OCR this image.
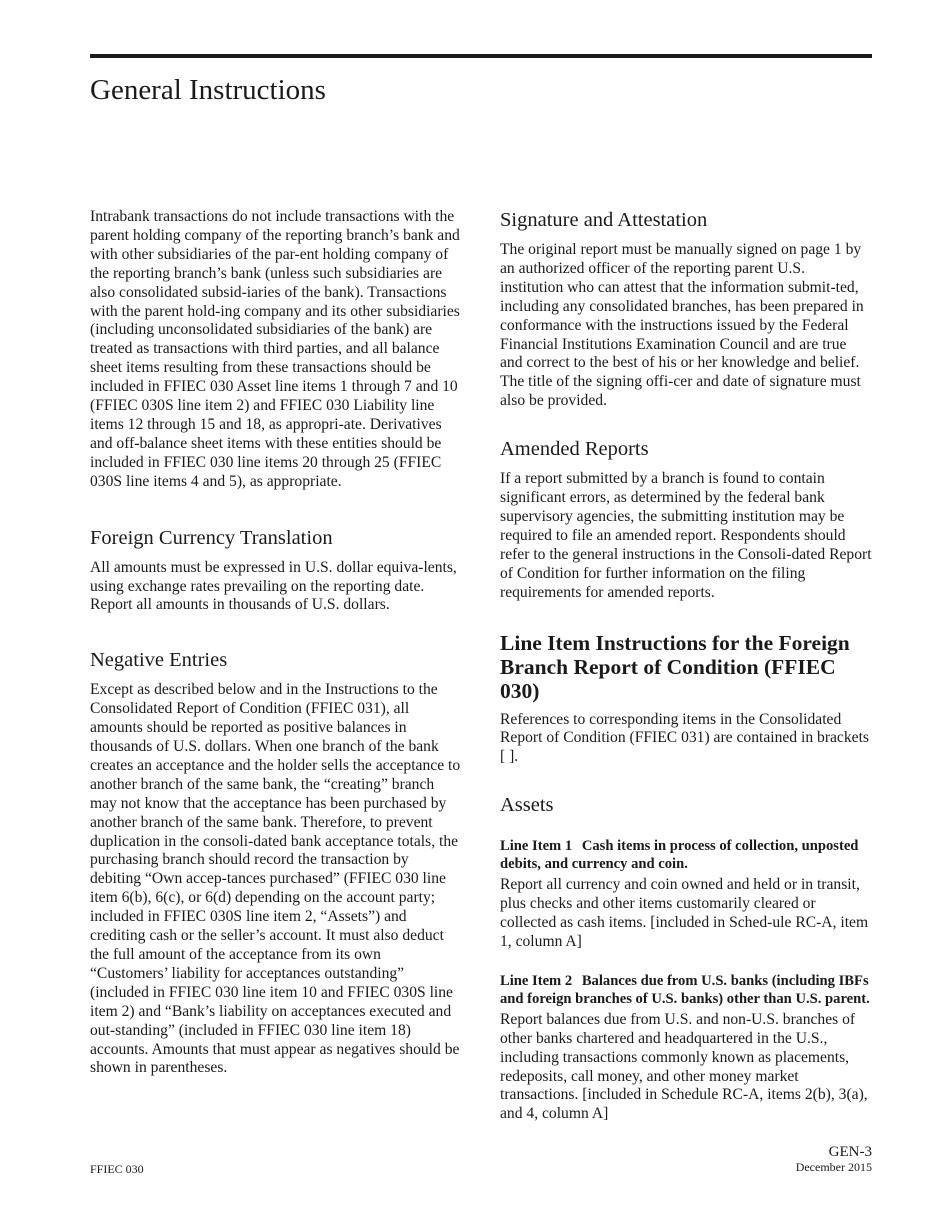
General Instructions

Intrabank transactions do not include transactions with the parent holding company of the reporting branch’s bank and with other subsidiaries of the par-ent holding company of the reporting branch’s bank (unless such subsidiaries are also consolidated subsid-iaries of the bank). Transactions with the parent hold-ing company and its other subsidiaries (including unconsolidated subsidiaries of the bank) are treated as transactions with third parties, and all balance sheet items resulting from these transactions should be included in FFIEC 030 Asset line items 1 through 7 and 10 (FFIEC 030S line item 2) and FFIEC 030 Liability line items 12 through 15 and 18, as appropri-ate. Derivatives and off-balance sheet items with these entities should be included in FFIEC 030 line items 20 through 25 (FFIEC 030S line items 4 and 5), as appropriate.

Foreign Currency Translation

All amounts must be expressed in U.S. dollar equiva-lents, using exchange rates prevailing on the reporting date. Report all amounts in thousands of U.S. dollars.

Negative Entries

Except as described below and in the Instructions to the Consolidated Report of Condition (FFIEC 031), all amounts should be reported as positive balances in thousands of U.S. dollars. When one branch of the bank creates an acceptance and the holder sells the acceptance to another branch of the same bank, the “creating” branch may not know that the acceptance has been purchased by another branch of the same bank. Therefore, to prevent duplication in the consoli-dated bank acceptance totals, the purchasing branch should record the transaction by debiting “Own accep-tances purchased” (FFIEC 030 line item 6(b), 6(c), or 6(d) depending on the account party; included in FFIEC 030S line item 2, “Assets”) and crediting cash or the seller’s account. It must also deduct the full amount of the acceptance from its own “Customers’ liability for acceptances outstanding” (included in FFIEC 030 line item 10 and FFIEC 030S line item 2) and “Bank’s liability on acceptances executed and out-standing” (included in FFIEC 030 line item 18) accounts. Amounts that must appear as negatives should be shown in parentheses.

Signature and Attestation

The original report must be manually signed on page 1 by an authorized officer of the reporting parent U.S. institution who can attest that the information submit-ted, including any consolidated branches, has been prepared in conformance with the instructions issued by the Federal Financial Institutions Examination Council and are true and correct to the best of his or her knowledge and belief. The title of the signing offi-cer and date of signature must also be provided.

Amended Reports

If a report submitted by a branch is found to contain significant errors, as determined by the federal bank supervisory agencies, the submitting institution may be required to file an amended report. Respondents should refer to the general instructions in the Consoli-dated Report of Condition for further information on the filing requirements for amended reports.

Line Item Instructions for the Foreign Branch Report of Condition (FFIEC 030)

References to corresponding items in the Consolidated Report of Condition (FFIEC 031) are contained in brackets [ ].

Assets
Line Item 1 Cash items in process of collection, unposted debits, and currency and coin.

Report all currency and coin owned and held or in transit, plus checks and other items customarily cleared or collected as cash items. [included in Sched-ule RC-A, item 1, column A]

Line Item 2 Balances due from U.S. banks (including IBFs and foreign branches of U.S. banks) other than U.S. parent.

Report balances due from U.S. and non-U.S. branches of other banks chartered and headquartered in the U.S., including transactions commonly known as placements, redeposits, call money, and other money market transactions. [included in Schedule RC-A, items 2(b), 3(a), and 4, column A]

FFIEC 030
GEN-3
December 2015
